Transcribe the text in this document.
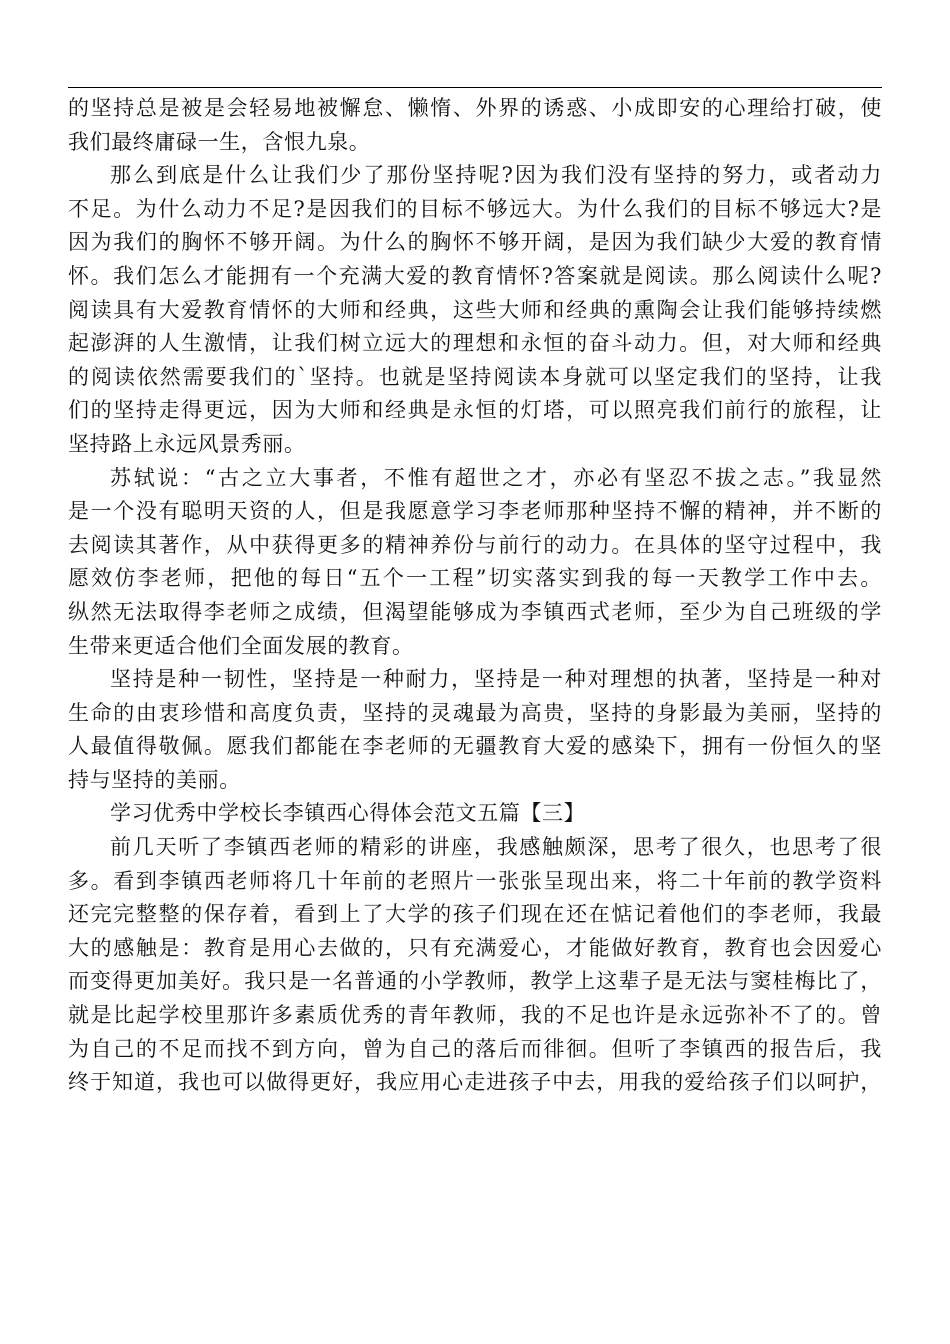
的坚持总是被是会轻易地被懈怠、懒惰、外界的诱惑、小成即安的心理给打破，使
我们最终庸碌一生，含恨九泉。
那么到底是什么让我们少了那份坚持呢?因为我们没有坚持的努力，或者动力
不足。为什么动力不足?是因我们的目标不够远大。为什么我们的目标不够远大?是
因为我们的胸怀不够开阔。为什么的胸怀不够开阔，是因为我们缺少大爱的教育情
怀。我们怎么才能拥有一个充满大爱的教育情怀?答案就是阅读。那么阅读什么呢?
阅读具有大爱教育情怀的大师和经典，这些大师和经典的熏陶会让我们能够持续燃
起澎湃的人生激情，让我们树立远大的理想和永恒的奋斗动力。但，对大师和经典
的阅读依然需要我们的`坚持。也就是坚持阅读本身就可以坚定我们的坚持，让我
们的坚持走得更远，因为大师和经典是永恒的灯塔，可以照亮我们前行的旅程，让
坚持路上永远风景秀丽。
苏轼说：“古之立大事者，不惟有超世之才，亦必有坚忍不拔之志。”我显然
是一个没有聪明天资的人，但是我愿意学习李老师那种坚持不懈的精神，并不断的
去阅读其著作，从中获得更多的精神养份与前行的动力。在具体的坚守过程中，我
愿效仿李老师，把他的每日“五个一工程”切实落实到我的每一天教学工作中去。
纵然无法取得李老师之成绩，但渴望能够成为李镇西式老师，至少为自己班级的学
生带来更适合他们全面发展的教育。
坚持是种一韧性，坚持是一种耐力，坚持是一种对理想的执著，坚持是一种对
生命的由衷珍惜和高度负责，坚持的灵魂最为高贵，坚持的身影最为美丽，坚持的
人最值得敬佩。愿我们都能在李老师的无疆教育大爱的感染下，拥有一份恒久的坚
持与坚持的美丽。
学习优秀中学校长李镇西心得体会范文五篇【三】
前几天听了李镇西老师的精彩的讲座，我感触颇深，思考了很久，也思考了很
多。看到李镇西老师将几十年前的老照片一张张呈现出来，将二十年前的教学资料
还完完整整的保存着，看到上了大学的孩子们现在还在惦记着他们的李老师，我最
大的感触是：教育是用心去做的，只有充满爱心，才能做好教育，教育也会因爱心
而变得更加美好。我只是一名普通的小学教师，教学上这辈子是无法与窦桂梅比了，
就是比起学校里那许多素质优秀的青年教师，我的不足也许是永远弥补不了的。曾
为自己的不足而找不到方向，曾为自己的落后而徘徊。但听了李镇西的报告后，我
终于知道，我也可以做得更好，我应用心走进孩子中去，用我的爱给孩子们以呵护，
